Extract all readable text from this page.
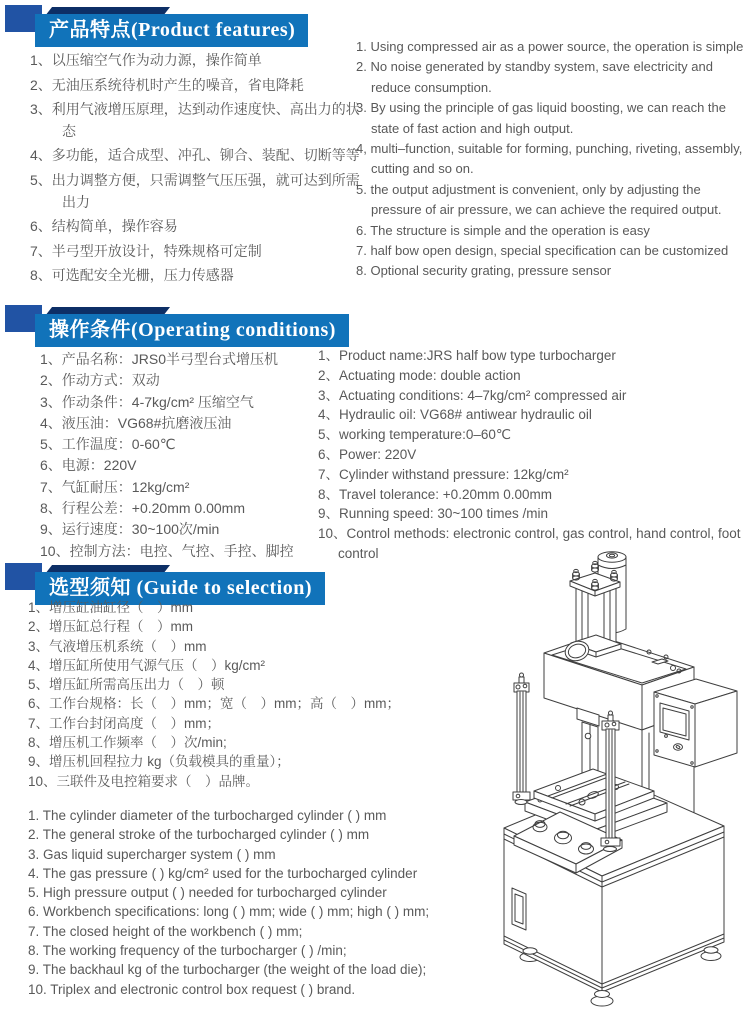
产品特点(Product features)
1、以压缩空气作为动力源，操作简单
2、无油压系统待机时产生的噪音，省电降耗
3、利用气液增压原理，达到动作速度快、高出力的状态
4、多功能，适合成型、冲孔、铆合、装配、切断等等
5、出力调整方便，只需调整气压压强，就可达到所需出力
6、结构简单，操作容易
7、半弓型开放设计，特殊规格可定制
8、可选配安全光栅，压力传感器
1. Using compressed air as a power source, the operation is simple
2. No noise generated by standby system, save electricity and reduce consumption.
3. By using the principle of gas liquid boosting, we can reach the state of fast action and high output.
4, multi–function, suitable for forming, punching, riveting, assembly, cutting and so on.
5. the output adjustment is convenient, only by adjusting the pressure of air pressure, we can achieve the required output.
6. The structure is simple and the operation is easy
7. half bow open design, special specification can be customized
8. Optional security grating, pressure sensor
操作条件(Operating conditions)
1、产品名称：JRS0半弓型台式增压机
2、作动方式：双动
3、作动条件：4-7kg/cm² 压缩空气
4、液压油：VG68#抗磨液压油
5、工作温度：0-60℃
6、电源：220V
7、气缸耐压：12kg/cm²
8、行程公差：+0.20mm 0.00mm
9、运行速度：30~100次/min
10、控制方法：电控、气控、手控、脚控
1、Product name:JRS half bow type turbocharger
2、Actuating mode: double action
3、Actuating conditions: 4–7kg/cm² compressed air
4、Hydraulic oil: VG68# antiwear hydraulic oil
5、working temperature:0–60℃
6、Power: 220V
7、Cylinder withstand pressure: 12kg/cm²
8、Travel tolerance: +0.20mm 0.00mm
9、Running speed: 30~100 times /min
10、Control methods: electronic control, gas control, hand control, foot control
选型须知 (Guide to selection)
1、增压缸油缸径（　）mm
2、增压缸总行程（　）mm
3、气液增压机系统（　）mm
4、增压缸所使用气源气压（　）kg/cm²
5、增压缸所需高压出力（　）顿
6、工作台规格：长（　）mm；宽（　）mm；高（　）mm；
7、工作台封闭高度（　）mm；
8、增压机工作频率（　）次/min;
9、增压机回程拉力 kg（负载模具的重量）；
10、三联件及电控箱要求（　）品牌。
1. The cylinder diameter of the turbocharged cylinder ( ) mm
2. The general stroke of the turbocharged cylinder ( ) mm
3. Gas liquid supercharger system ( ) mm
4. The gas pressure ( ) kg/cm² used for the turbocharged cylinder
5. High pressure output ( ) needed for turbocharged cylinder
6. Workbench specifications: long ( ) mm; wide ( ) mm; high ( ) mm;
7. The closed height of the workbench ( ) mm;
8. The working frequency of the turbocharger ( ) /min;
9. The backhaul kg of the turbocharger (the weight of the load die);
10. Triplex and electronic control box request ( ) brand.
